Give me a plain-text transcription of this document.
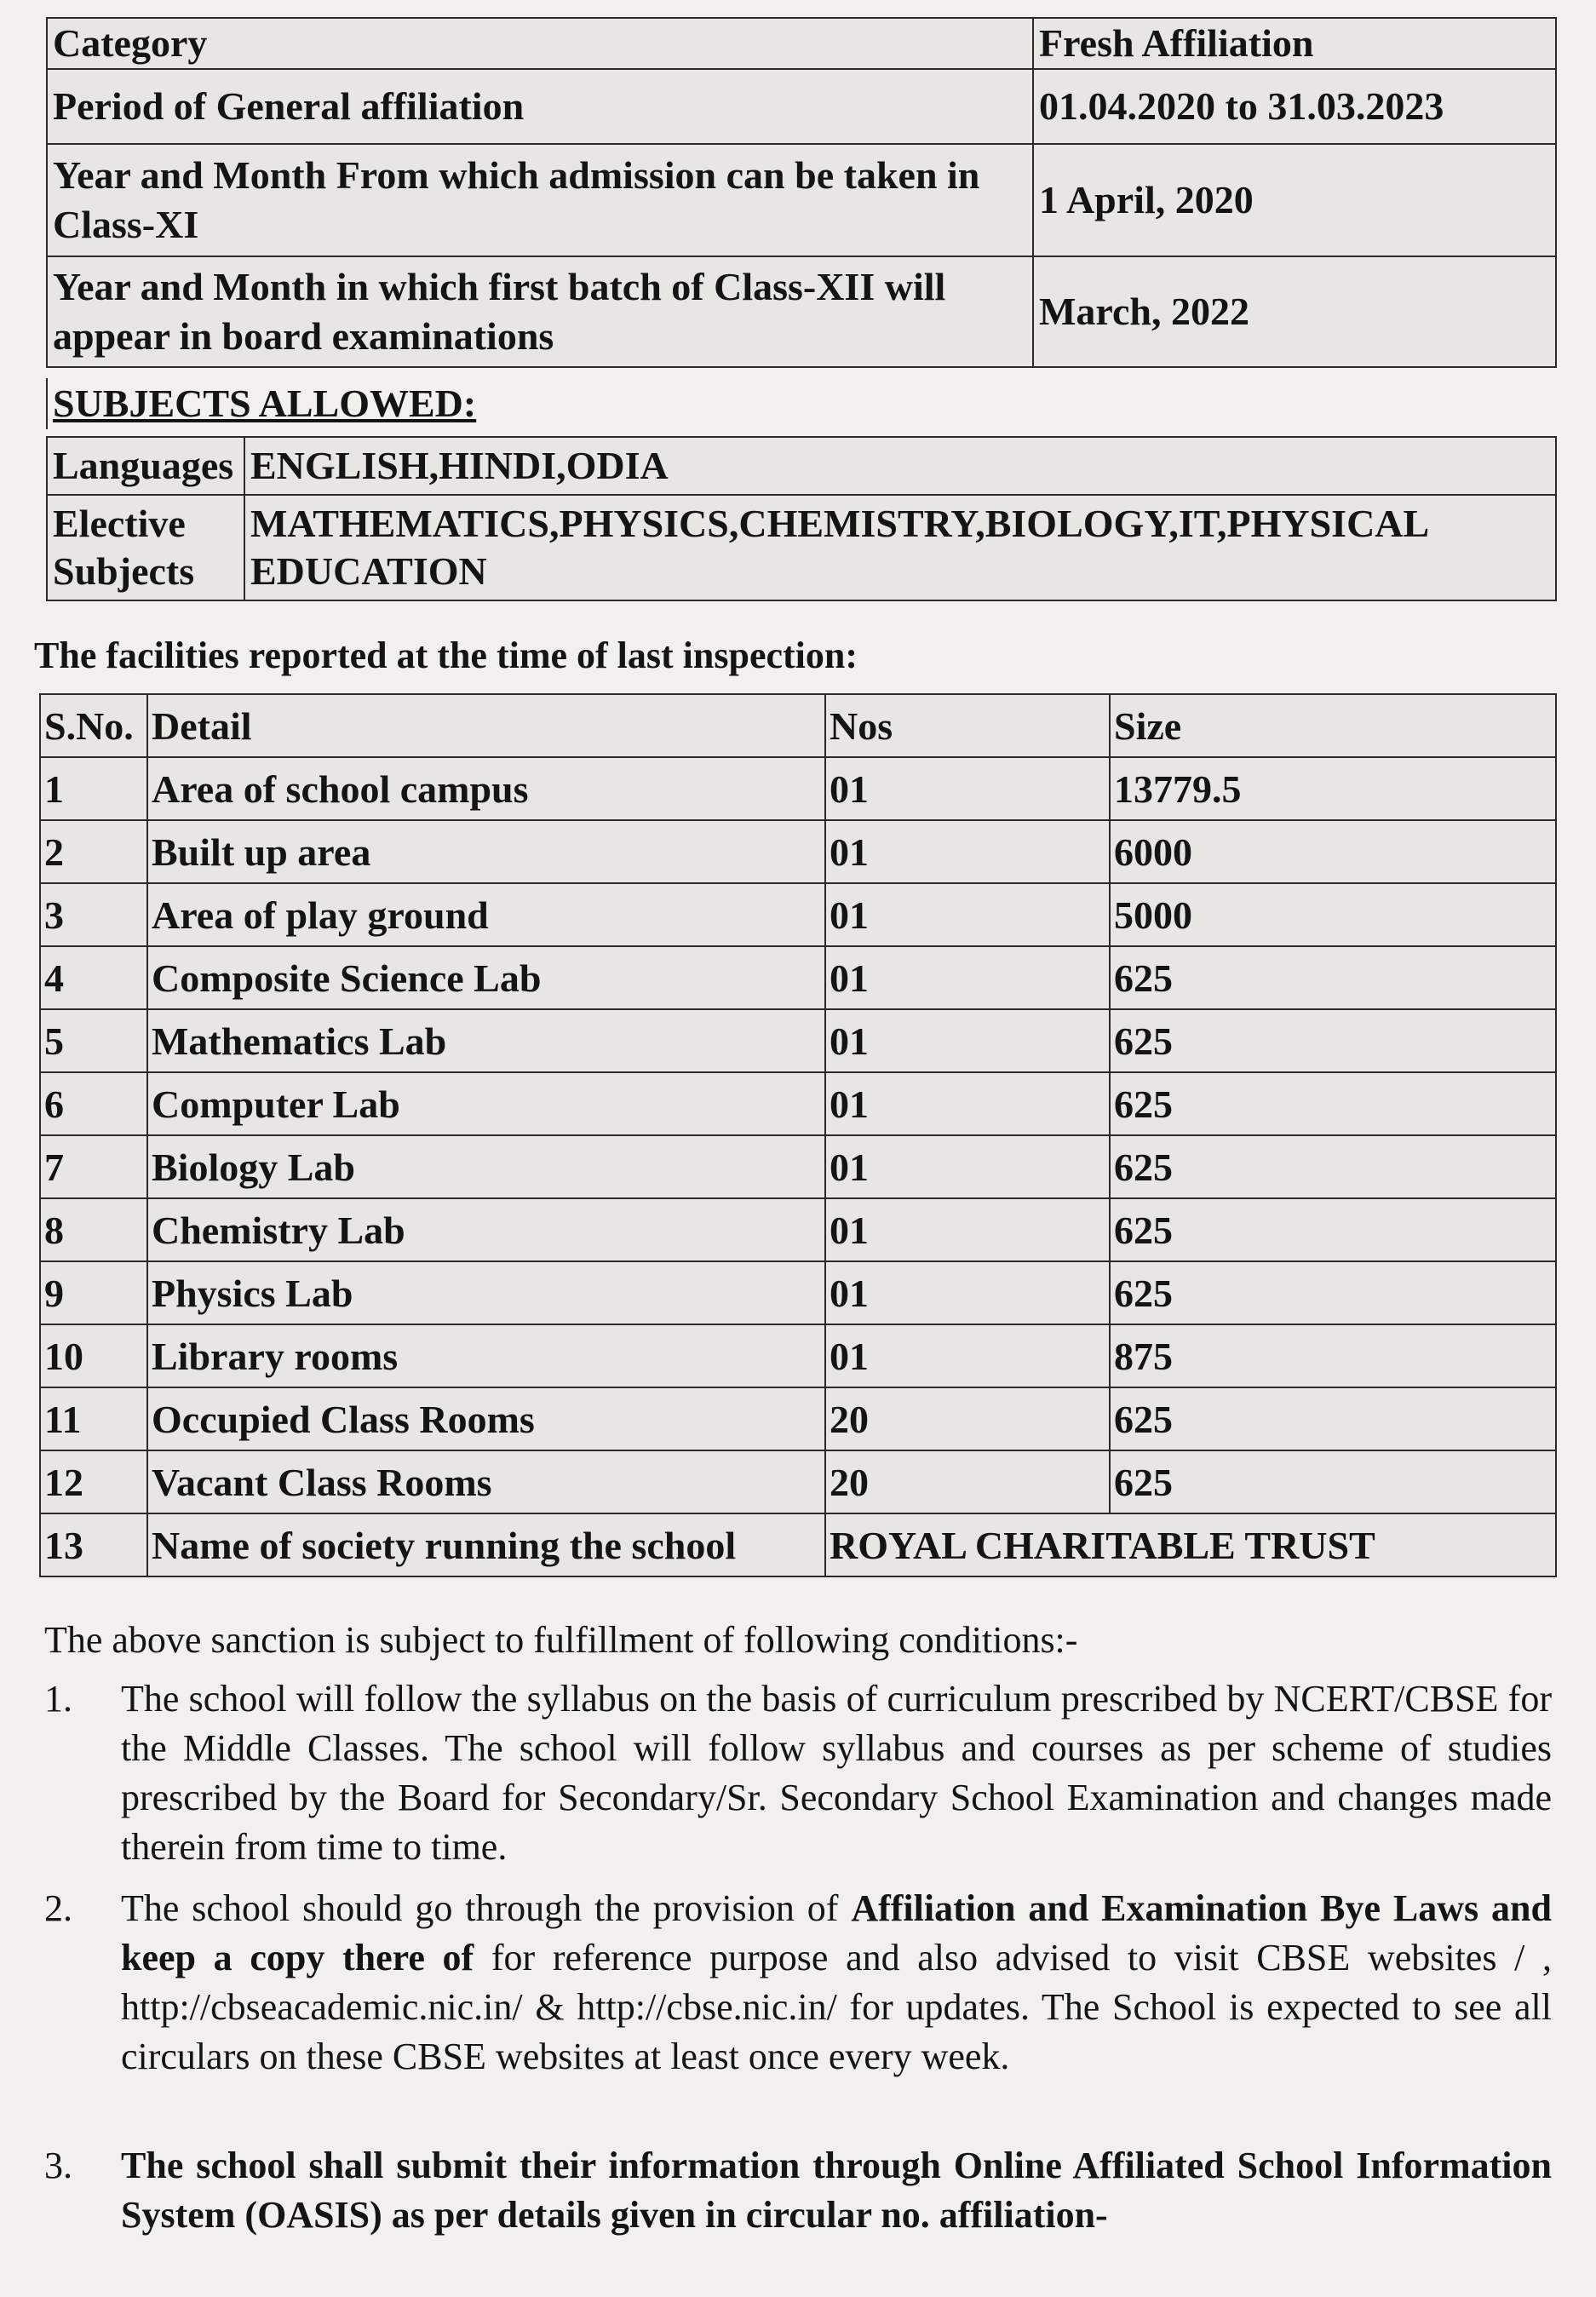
Category	Fresh Affiliation
Period of General affiliation	01.04.2020 to 31.03.2023
Year and Month From which admission can be taken in Class-XI	1 April, 2020
Year and Month in which first batch of Class-XII will appear in board examinations	March, 2022
SUBJECTS ALLOWED:
Languages	ENGLISH,HINDI,ODIA
Elective Subjects	MATHEMATICS,PHYSICS,CHEMISTRY,BIOLOGY,IT,PHYSICAL EDUCATION
The facilities reported at the time of last inspection:
S.No.	Detail	Nos	Size
1	Area of school campus	01	13779.5
2	Built up area	01	6000
3	Area of play ground	01	5000
4	Composite Science Lab	01	625
5	Mathematics Lab	01	625
6	Computer Lab	01	625
7	Biology Lab	01	625
8	Chemistry Lab	01	625
9	Physics Lab	01	625
10	Library rooms	01	875
11	Occupied Class Rooms	20	625
12	Vacant Class Rooms	20	625
13	Name of society running the school	ROYAL CHARITABLE TRUST	
The above sanction is subject to fulfillment of following conditions:-
1.	The school will follow the syllabus on the basis of curriculum prescribed by NCERT/CBSE for the Middle Classes. The school will follow syllabus and courses as per scheme of studies prescribed by the Board for Secondary/Sr. Secondary School Examination and changes made therein from time to time.
2.	The school should go through the provision of Affiliation and Examination Bye Laws and keep a copy there of for reference purpose and also advised to visit CBSE websites / , http://cbseacademic.nic.in/ & http://cbse.nic.in/ for updates. The School is expected to see all circulars on these CBSE websites at least once every week.
3.	The school shall submit their information through Online Affiliated School Information System (OASIS) as per details given in circular no. affiliation-
